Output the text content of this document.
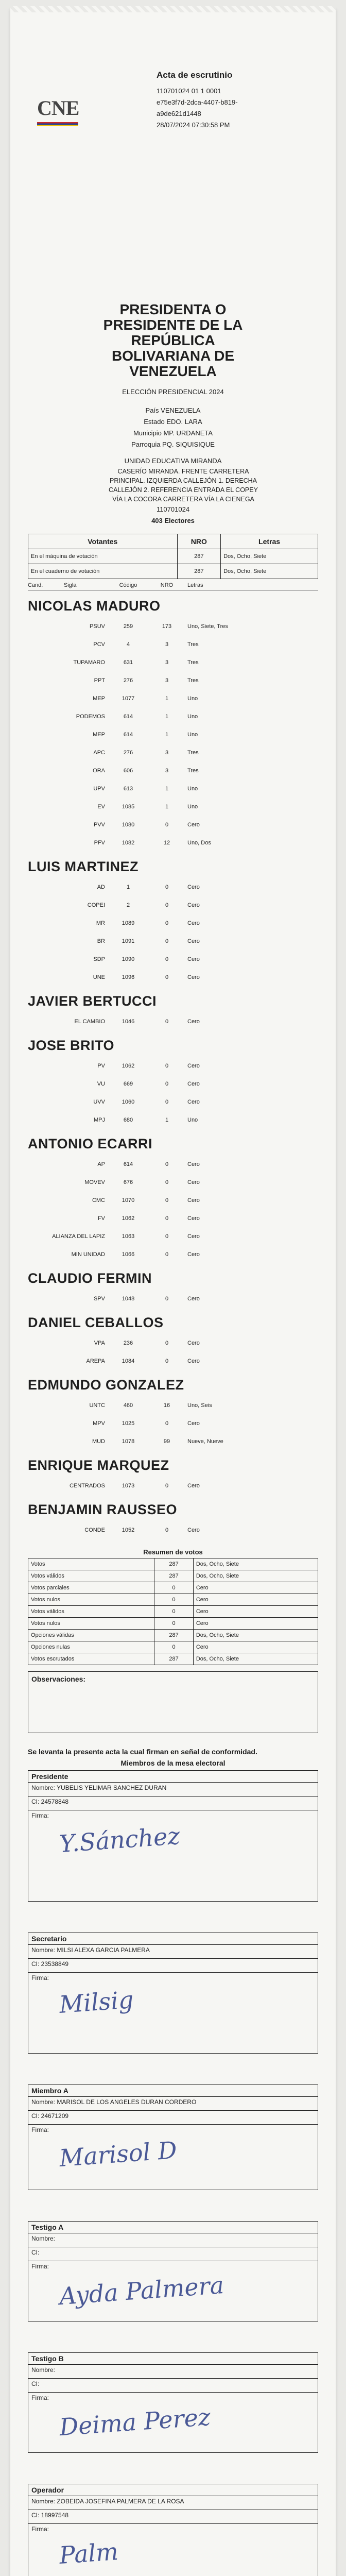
CNE
Acta de escrutinio
110701024 01 1 0001
e75e3f7d-2dca-4407-b819-
a9de621d1448
28/07/2024 07:30:58 PM
PRESIDENTA O
PRESIDENTE DE LA
REPÚBLICA
BOLIVARIANA DE
VENEZUELA
ELECCIÓN PRESIDENCIAL 2024
País VENEZUELA
Estado EDO. LARA
Municipio MP. URDANETA
Parroquia PQ. SIQUISIQUE
UNIDAD EDUCATIVA MIRANDA
CASERÍO MIRANDA. FRENTE CARRETERA PRINCIPAL. IZQUIERDA CALLEJÓN 1. DERECHA CALLEJÓN 2. REFERENCIA ENTRADA EL COPEY VÍA LA COCORA CARRETERA VÍA LA CIENEGA
110701024
403 Electores
Votantes	NRO	Letras
En el máquina de votación	287	Dos, Ocho, Siete
En el cuaderno de votación	287	Dos, Ocho, Siete
Cand.	Sigla	Código	NRO	Letras
NICOLAS MADURO
PSUV	259	173	Uno, Siete, Tres
PCV	4	3	Tres
TUPAMARO	631	3	Tres
PPT	276	3	Tres
MEP	1077	1	Uno
PODEMOS	614	1	Uno
MEP	614	1	Uno
APC	276	3	Tres
ORA	606	3	Tres
UPV	613	1	Uno
EV	1085	1	Uno
PVV	1080	0	Cero
PFV	1082	12	Uno, Dos
LUIS MARTINEZ
AD	1	0	Cero
COPEI	2	0	Cero
MR	1089	0	Cero
BR	1091	0	Cero
SDP	1090	0	Cero
UNE	1096	0	Cero
JAVIER BERTUCCI
EL CAMBIO	1046	0	Cero
JOSE BRITO
PV	1062	0	Cero
VU	669	0	Cero
UVV	1060	0	Cero
MPJ	680	1	Uno
ANTONIO ECARRI
AP	614	0	Cero
MOVEV	676	0	Cero
CMC	1070	0	Cero
FV	1062	0	Cero
ALIANZA DEL LAPIZ	1063	0	Cero
MIN UNIDAD	1066	0	Cero
CLAUDIO FERMIN
SPV	1048	0	Cero
DANIEL CEBALLOS
VPA	236	0	Cero
AREPA	1084	0	Cero
EDMUNDO GONZALEZ
UNTC	460	16	Uno, Seis
MPV	1025	0	Cero
MUD	1078	99	Nueve, Nueve
ENRIQUE MARQUEZ
CENTRADOS	1073	0	Cero
BENJAMIN RAUSSEO
CONDE	1052	0	Cero
Resumen de votos
Votos	287	Dos, Ocho, Siete
Votos válidos	287	Dos, Ocho, Siete
Votos parciales	0	Cero
Votos nulos	0	Cero
Votos válidos	0	Cero
Votos nulos	0	Cero
Opciones válidas	287	Dos, Ocho, Siete
Opciones nulas	0	Cero
Votos escrutados	287	Dos, Ocho, Siete
Observaciones:
Se levanta la presente acta la cual firman en señal de conformidad.
Miembros de la mesa electoral
Presidente
Nombre: YUBELIS YELIMAR SANCHEZ DURAN
CI: 24578848
Firma:
Y.Sánchez
Secretario
Nombre: MILSI ALEXA GARCIA PALMERA
CI: 23538849
Firma:
Milsig
Miembro A
Nombre: MARISOL DE LOS ANGELES DURAN CORDERO
CI: 24671209
Firma:
Marisol D
Testigo A
Nombre:
CI:
Firma:
Ayda Palmera
Testigo B
Nombre:
CI:
Firma:
Deima Perez
Operador
Nombre: ZOBEIDA JOSEFINA PALMERA DE LA ROSA
CI: 18997548
Firma:
Palm
